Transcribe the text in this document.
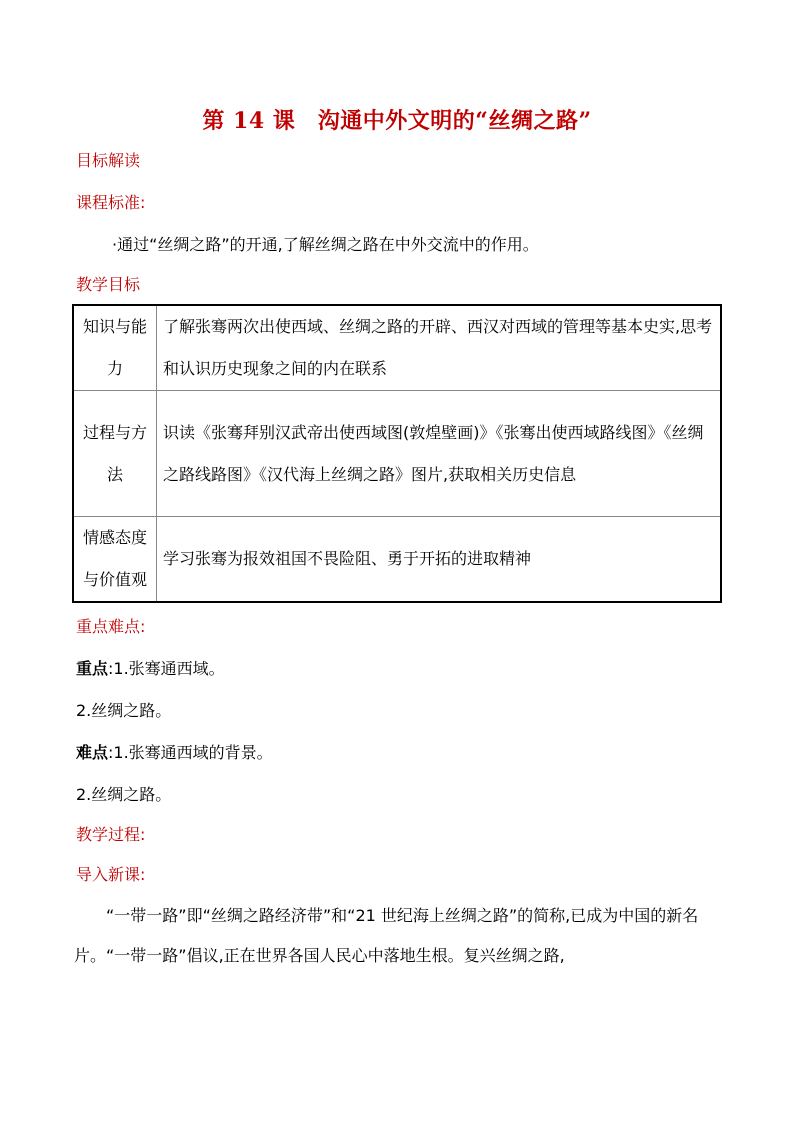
第 14 课　沟通中外文明的“丝绸之路”
目标解读
课程标准:
·通过“丝绸之路”的开通,了解丝绸之路在中外交流中的作用。
教学目标
知识与能
力	了解张骞两次出使西域、丝绸之路的开辟、西汉对西域的管理等基本史实,思考和认识历史现象之间的内在联系

过程与方
法	识读《张骞拜别汉武帝出使西域图(敦煌壁画)》《张骞出使西域路线图》《丝绸之路线路图》《汉代海上丝绸之路》图片,获取相关历史信息

情感态度
与价值观	学习张骞为报效祖国不畏险阻、勇于开拓的进取精神
重点难点:
重点:1.张骞通西域。
2.丝绸之路。
难点:1.张骞通西域的背景。
2.丝绸之路。
教学过程:
导入新课:
“一带一路”即“丝绸之路经济带”和“21 世纪海上丝绸之路”的简称,已成为中国的新名片。“一带一路”倡议,正在世界各国人民心中落地生根。复兴丝绸之路,
